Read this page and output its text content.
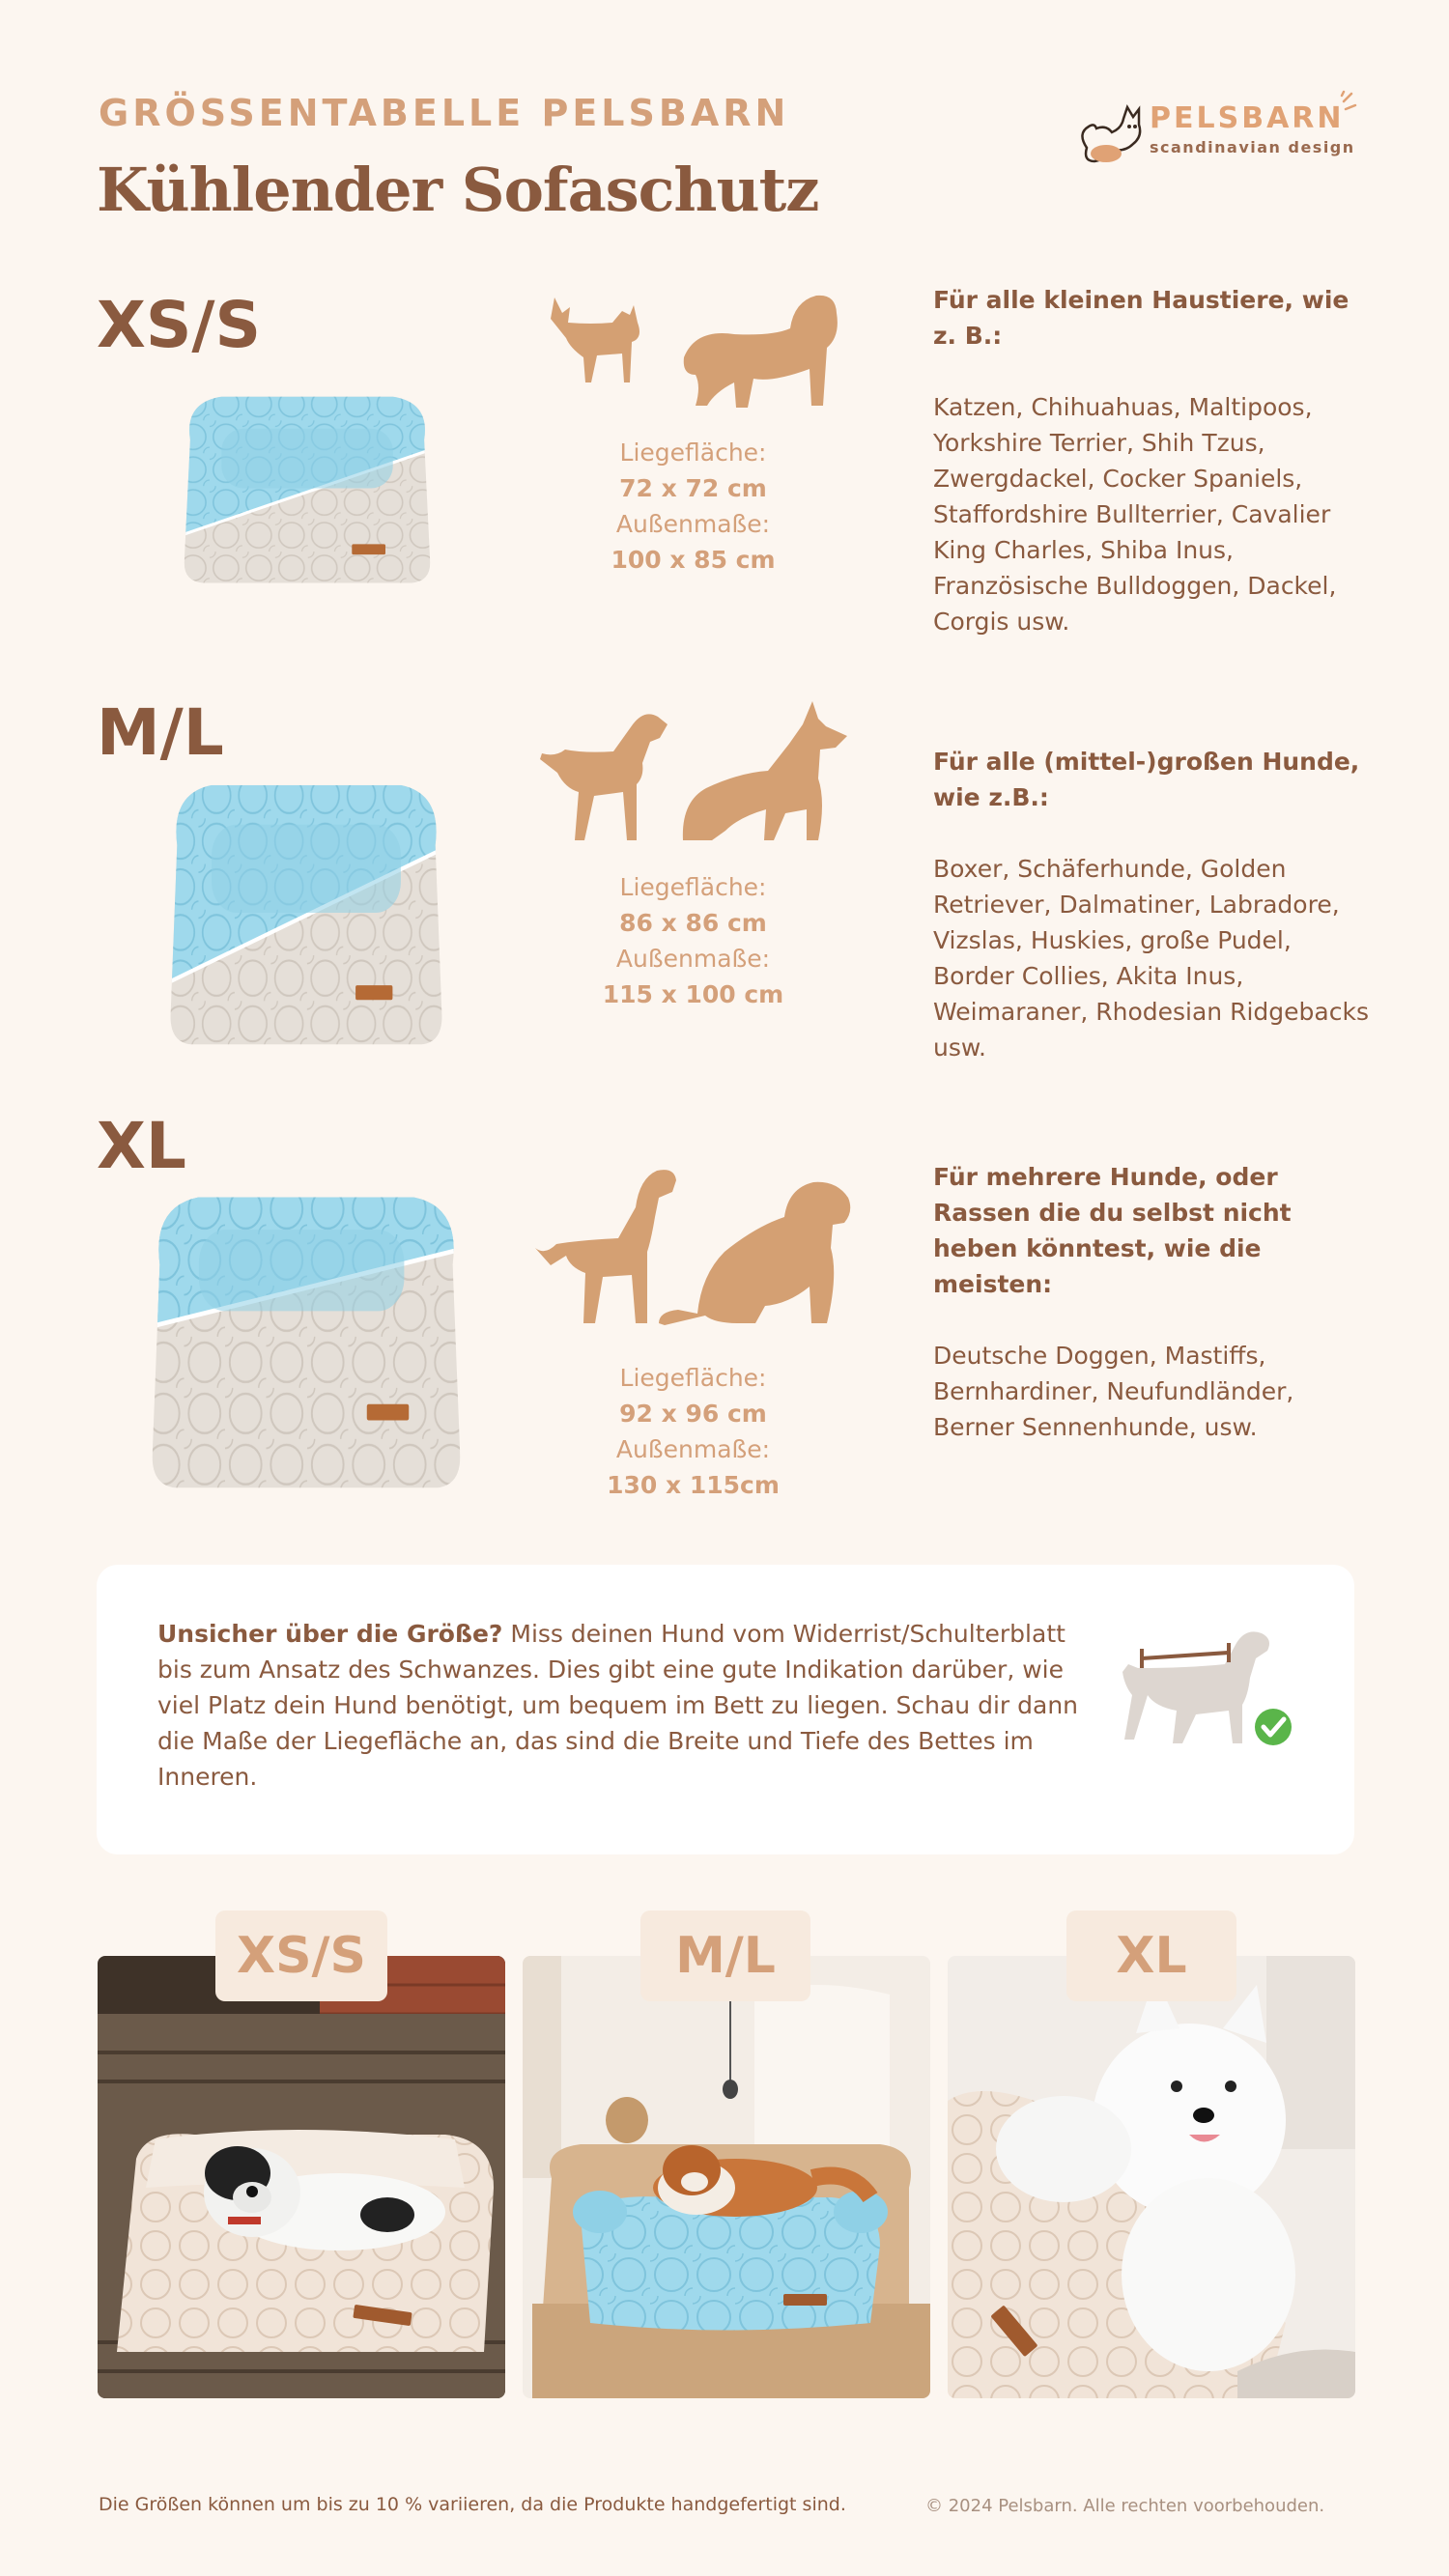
GRÖSSENTABELLE PELSBARN
Kühlender Sofaschutz
PELSBARN
scandinavian design
XS/S
Liegefläche:
72 x 72 cm
Außenmaße:
100 x 85 cm
Für alle kleinen Haustiere, wie z. B.:
Katzen, Chihuahuas, Maltipoos, Yorkshire Terrier, Shih Tzus, Zwergdackel, Cocker Spaniels, Staffordshire Bullterrier, Cavalier King Charles, Shiba Inus, Französische Bulldoggen, Dackel, Corgis usw.
M/L
Liegefläche:
86 x 86 cm
Außenmaße:
115 x 100 cm
Für alle (mittel-)großen Hunde, wie z.B.:
Boxer, Schäferhunde, Golden Retriever, Dalmatiner, Labradore, Vizslas, Huskies, große Pudel, Border Collies, Akita Inus, Weimaraner, Rhodesian Ridgebacks usw.
XL
Liegefläche:
92 x 96 cm
Außenmaße:
130 x 115cm
Für mehrere Hunde, oder Rassen die du selbst nicht heben könntest, wie die meisten:
Deutsche Doggen, Mastiffs, Bernhardiner, Neufundländer, Berner Sennenhunde, usw.
Unsicher über die Größe? Miss deinen Hund vom Widerrist/Schulterblatt bis zum Ansatz des Schwanzes. Dies gibt eine gute Indikation darüber, wie viel Platz dein Hund benötigt, um bequem im Bett zu liegen. Schau dir dann die Maße der Liegefläche an, das sind die Breite und Tiefe des Bettes im Inneren.
XS/S	M/L	XL
Die Größen können um bis zu 10 % variieren, da die Produkte handgefertigt sind.	© 2024 Pelsbarn. Alle rechten voorbehouden.
